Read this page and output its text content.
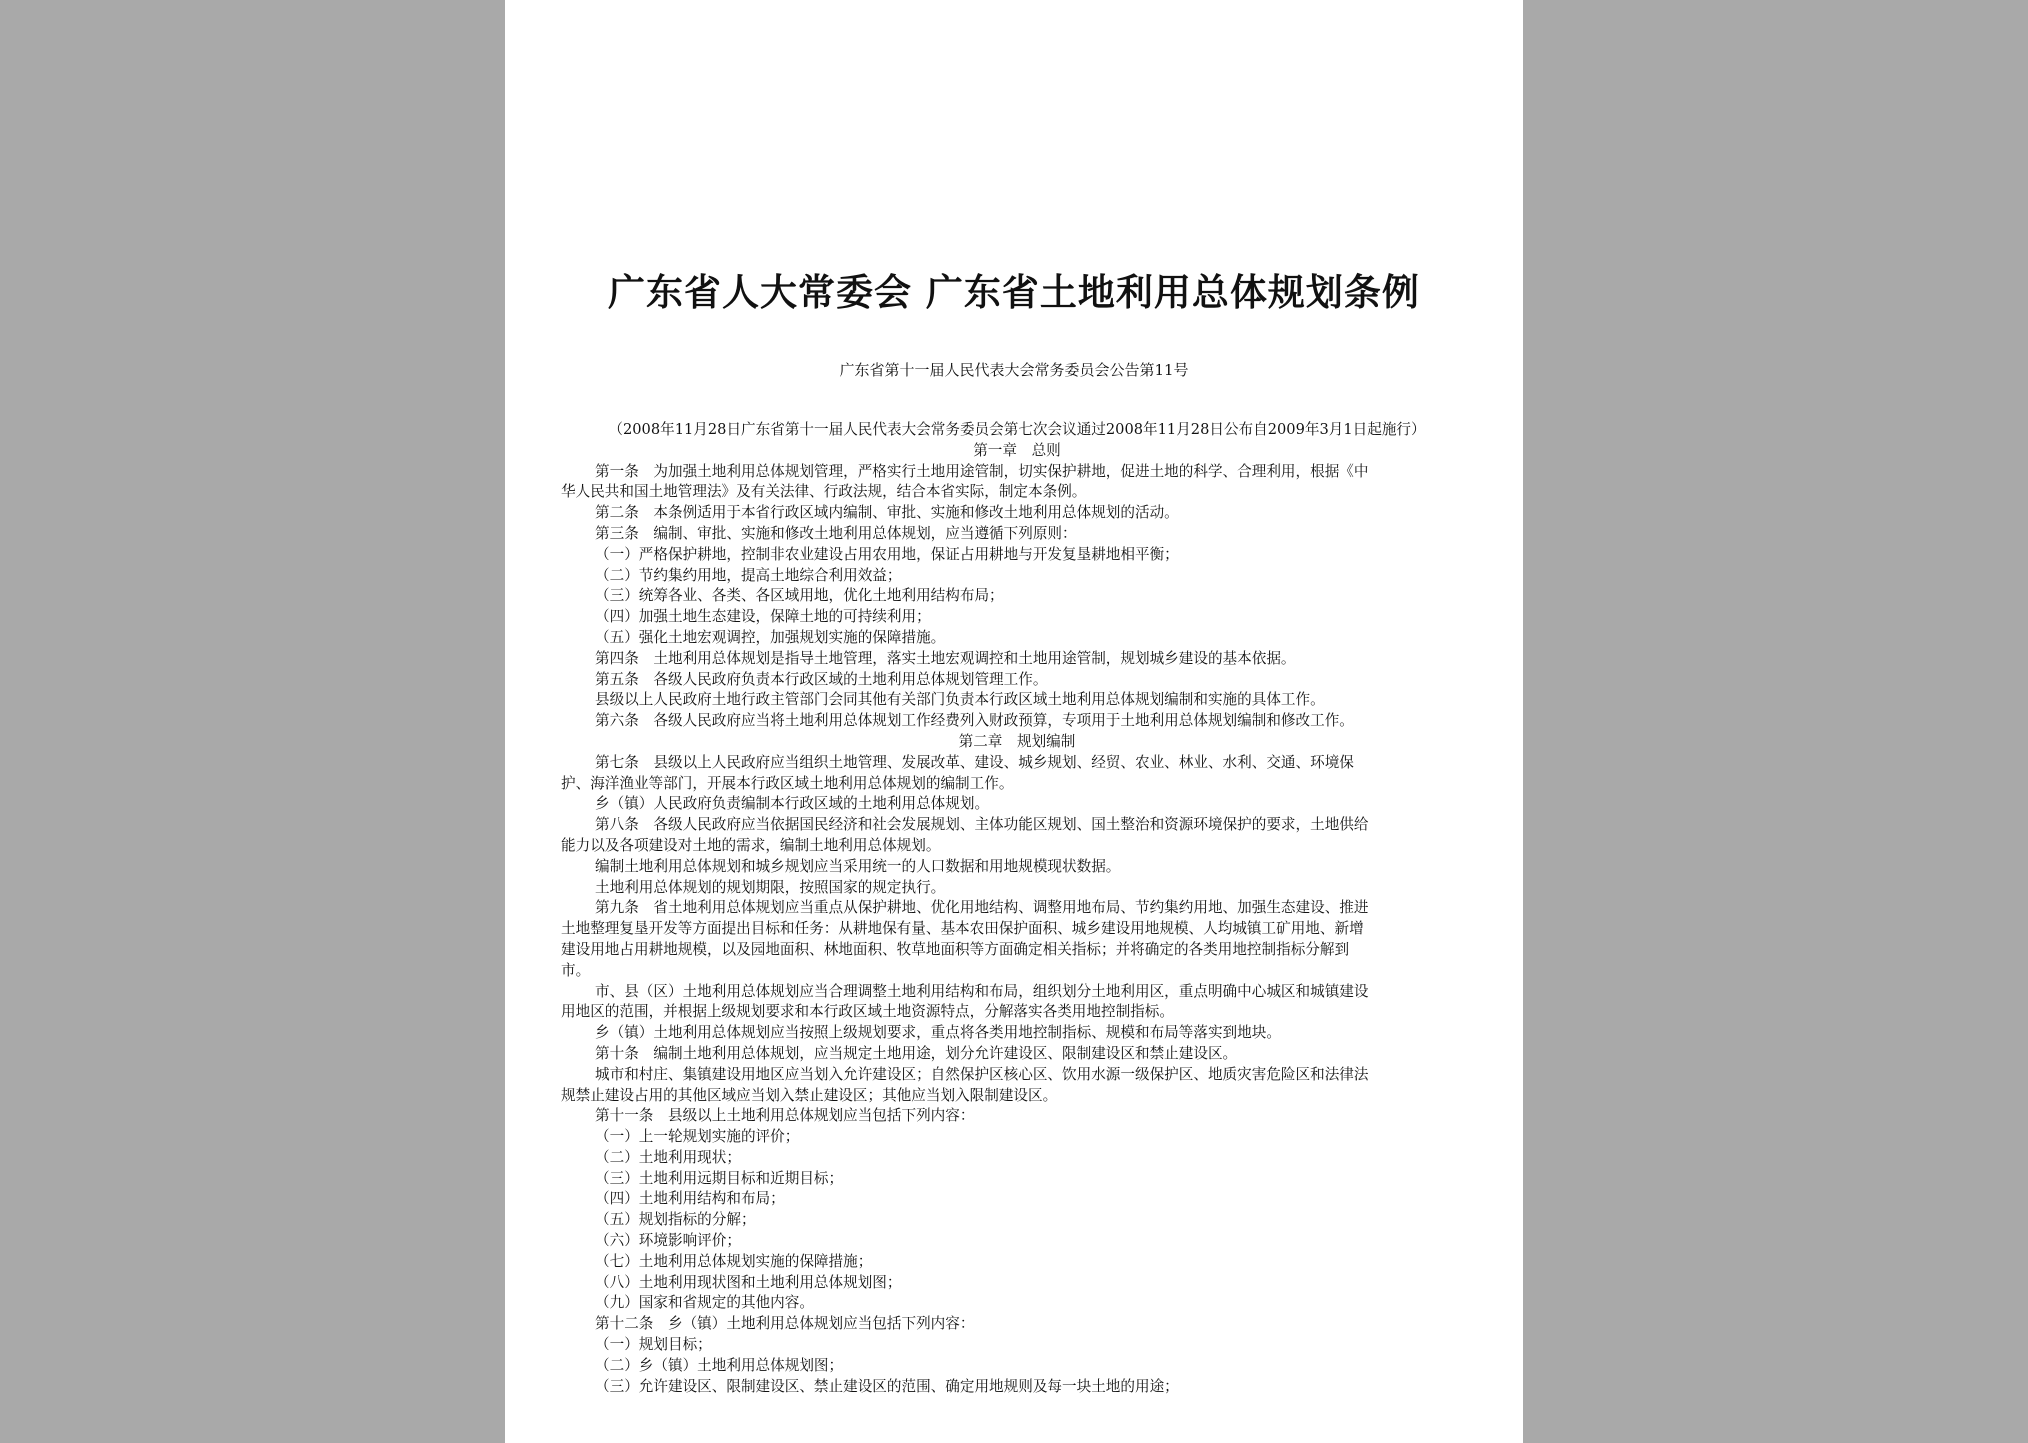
广东省人大常委会 广东省土地利用总体规划条例
广东省第十一届人民代表大会常务委员会公告第11号
（2008年11月28日广东省第十一届人民代表大会常务委员会第七次会议通过2008年11月28日公布自2009年3月1日起施行）
第一章　总则
第一条　为加强土地利用总体规划管理，严格实行土地用途管制，切实保护耕地，促进土地的科学、合理利用，根据《中
华人民共和国土地管理法》及有关法律、行政法规，结合本省实际，制定本条例。
第二条　本条例适用于本省行政区域内编制、审批、实施和修改土地利用总体规划的活动。
第三条　编制、审批、实施和修改土地利用总体规划，应当遵循下列原则：
（一）严格保护耕地，控制非农业建设占用农用地，保证占用耕地与开发复垦耕地相平衡；
（二）节约集约用地，提高土地综合利用效益；
（三）统筹各业、各类、各区域用地，优化土地利用结构布局；
（四）加强土地生态建设，保障土地的可持续利用；
（五）强化土地宏观调控，加强规划实施的保障措施。
第四条　土地利用总体规划是指导土地管理，落实土地宏观调控和土地用途管制，规划城乡建设的基本依据。
第五条　各级人民政府负责本行政区域的土地利用总体规划管理工作。
县级以上人民政府土地行政主管部门会同其他有关部门负责本行政区域土地利用总体规划编制和实施的具体工作。
第六条　各级人民政府应当将土地利用总体规划工作经费列入财政预算，专项用于土地利用总体规划编制和修改工作。
第二章　规划编制
第七条　县级以上人民政府应当组织土地管理、发展改革、建设、城乡规划、经贸、农业、林业、水利、交通、环境保
护、海洋渔业等部门，开展本行政区域土地利用总体规划的编制工作。
乡（镇）人民政府负责编制本行政区域的土地利用总体规划。
第八条　各级人民政府应当依据国民经济和社会发展规划、主体功能区规划、国土整治和资源环境保护的要求，土地供给
能力以及各项建设对土地的需求，编制土地利用总体规划。
编制土地利用总体规划和城乡规划应当采用统一的人口数据和用地规模现状数据。
土地利用总体规划的规划期限，按照国家的规定执行。
第九条　省土地利用总体规划应当重点从保护耕地、优化用地结构、调整用地布局、节约集约用地、加强生态建设、推进
土地整理复垦开发等方面提出目标和任务：从耕地保有量、基本农田保护面积、城乡建设用地规模、人均城镇工矿用地、新增
建设用地占用耕地规模，以及园地面积、林地面积、牧草地面积等方面确定相关指标；并将确定的各类用地控制指标分解到
市。
市、县（区）土地利用总体规划应当合理调整土地利用结构和布局，组织划分土地利用区，重点明确中心城区和城镇建设
用地区的范围，并根据上级规划要求和本行政区域土地资源特点，分解落实各类用地控制指标。
乡（镇）土地利用总体规划应当按照上级规划要求，重点将各类用地控制指标、规模和布局等落实到地块。
第十条　编制土地利用总体规划，应当规定土地用途，划分允许建设区、限制建设区和禁止建设区。
城市和村庄、集镇建设用地区应当划入允许建设区；自然保护区核心区、饮用水源一级保护区、地质灾害危险区和法律法
规禁止建设占用的其他区域应当划入禁止建设区；其他应当划入限制建设区。
第十一条　县级以上土地利用总体规划应当包括下列内容：
（一）上一轮规划实施的评价；
（二）土地利用现状；
（三）土地利用远期目标和近期目标；
（四）土地利用结构和布局；
（五）规划指标的分解；
（六）环境影响评价；
（七）土地利用总体规划实施的保障措施；
（八）土地利用现状图和土地利用总体规划图；
（九）国家和省规定的其他内容。
第十二条　乡（镇）土地利用总体规划应当包括下列内容：
（一）规划目标；
（二）乡（镇）土地利用总体规划图；
（三）允许建设区、限制建设区、禁止建设区的范围、确定用地规则及每一块土地的用途；
